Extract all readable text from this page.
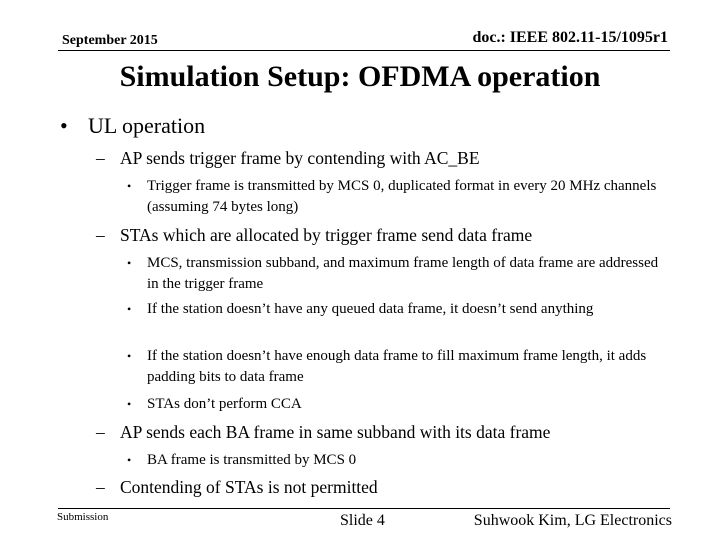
September 2015	doc.: IEEE 802.11-15/1095r1
Simulation Setup: OFDMA operation
• UL operation
– AP sends trigger frame by contending with AC_BE
•	Trigger frame is transmitted by MCS 0, duplicated format in every 20 MHz channels (assuming 74 bytes long)
– STAs which are allocated by trigger frame send data frame
•	MCS, transmission subband, and maximum frame length of data frame are addressed in the trigger frame
•	If the station doesn’t have any queued data frame, it doesn’t send anything
•	If the station doesn’t have enough data frame to fill maximum frame length, it adds padding bits to data frame
•	STAs don’t perform CCA
– AP sends each BA frame in same subband with its data frame
•	BA frame is transmitted by MCS 0
– Contending of STAs is not permitted
Submission	Slide 4	Suhwook Kim, LG Electronics
